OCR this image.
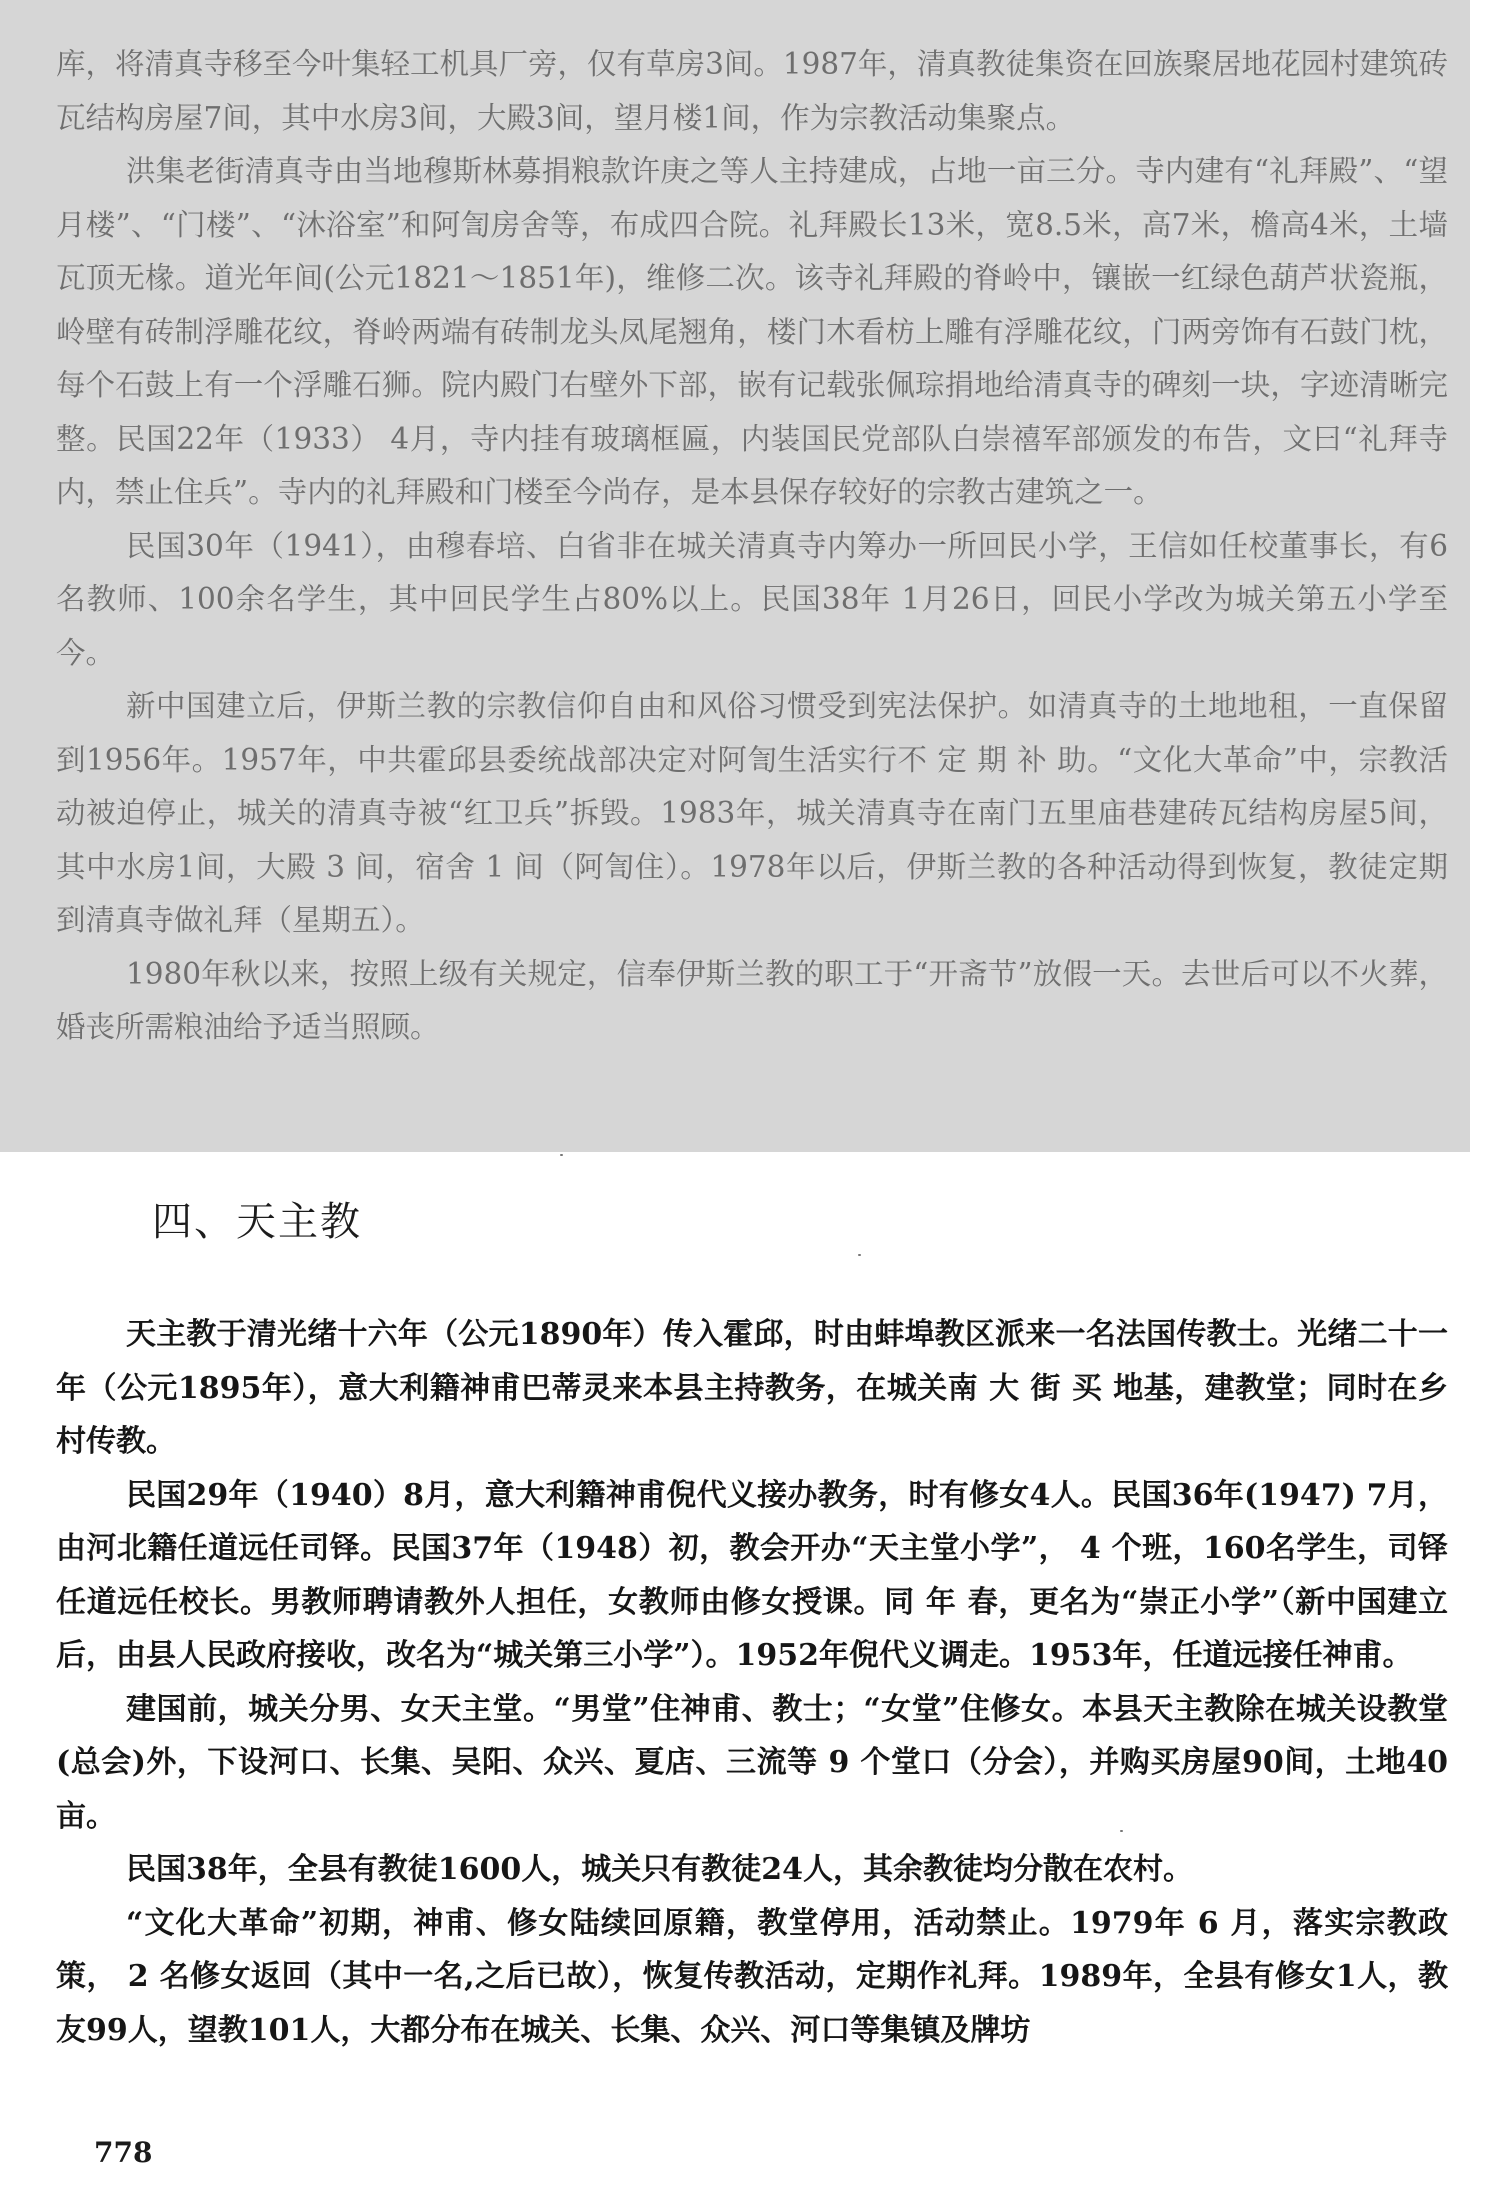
库，将清真寺移至今叶集轻工机具厂旁，仅有草房3间。1987年，清真教徒集资在回族聚居地花园村建筑砖瓦结构房屋7间，其中水房3间，大殿3间，望月楼1间，作为宗教活动集聚点。

洪集老街清真寺由当地穆斯林募捐粮款许庚之等人主持建成，占地一亩三分。寺内建有“礼拜殿”、“望月楼”、“门楼”、“沐浴室”和阿訇房舍等，布成四合院。礼拜殿长13米，宽8.5米，高7米，檐高4米，土墙瓦顶无椽。道光年间(公元1821～1851年)，维修二次。该寺礼拜殿的脊岭中，镶嵌一红绿色葫芦状瓷瓶，岭壁有砖制浮雕花纹，脊岭两端有砖制龙头凤尾翘角，楼门木看枋上雕有浮雕花纹，门两旁饰有石鼓门枕，每个石鼓上有一个浮雕石狮。院内殿门右壁外下部，嵌有记载张佩琮捐地给清真寺的碑刻一块，字迹清晰完整。民国22年（1933） 4月，寺内挂有玻璃框匾，内装国民党部队白崇禧军部颁发的布告，文曰“礼拜寺内，禁止住兵”。寺内的礼拜殿和门楼至今尚存，是本县保存较好的宗教古建筑之一。

民国30年（1941），由穆春培、白省非在城关清真寺内筹办一所回民小学，王信如任校董事长，有6名教师、100余名学生，其中回民学生占80%以上。民国38年 1月26日，回民小学改为城关第五小学至今。

新中国建立后，伊斯兰教的宗教信仰自由和风俗习惯受到宪法保护。如清真寺的土地地租，一直保留到1956年。1957年，中共霍邱县委统战部决定对阿訇生活实行不 定 期 补 助。“文化大革命”中，宗教活动被迫停止，城关的清真寺被“红卫兵”拆毁。1983年，城关清真寺在南门五里庙巷建砖瓦结构房屋5间，其中水房1间，大殿 3 间，宿舍 1 间（阿訇住）。1978年以后，伊斯兰教的各种活动得到恢复，教徒定期到清真寺做礼拜（星期五）。

1980年秋以来，按照上级有关规定，信奉伊斯兰教的职工于“开斋节”放假一天。去世后可以不火葬，婚丧所需粮油给予适当照顾。

四、天主教

天主教于清光绪十六年（公元1890年）传入霍邱，时由蚌埠教区派来一名法国传教士。光绪二十一年（公元1895年），意大利籍神甫巴蒂灵来本县主持教务，在城关南 大 街 买 地基，建教堂；同时在乡村传教。

民国29年（1940）8月，意大利籍神甫倪代义接办教务，时有修女4人。民国36年(1947) 7月，由河北籍任道远任司铎。民国37年（1948）初，教会开办“天主堂小学”， 4 个班，160名学生，司铎任道远任校长。男教师聘请教外人担任，女教师由修女授课。同 年 春，更名为“崇正小学”（新中国建立后，由县人民政府接收，改名为“城关第三小学”）。1952年倪代义调走。1953年，任道远接任神甫。

建国前，城关分男、女天主堂。“男堂”住神甫、教士；“女堂”住修女。本县天主教除在城关设教堂(总会)外，下设河口、长集、吴阳、众兴、夏店、三流等 9 个堂口（分会），并购买房屋90间，土地40亩。

民国38年，全县有教徒1600人，城关只有教徒24人，其余教徒均分散在农村。

“文化大革命”初期，神甫、修女陆续回原籍，教堂停用，活动禁止。1979年 6 月，落实宗教政策， 2 名修女返回（其中一名,之后已故），恢复传教活动，定期作礼拜。1989年，全县有修女1人，教友99人，望教101人，大都分布在城关、长集、众兴、河口等集镇及牌坊

778
